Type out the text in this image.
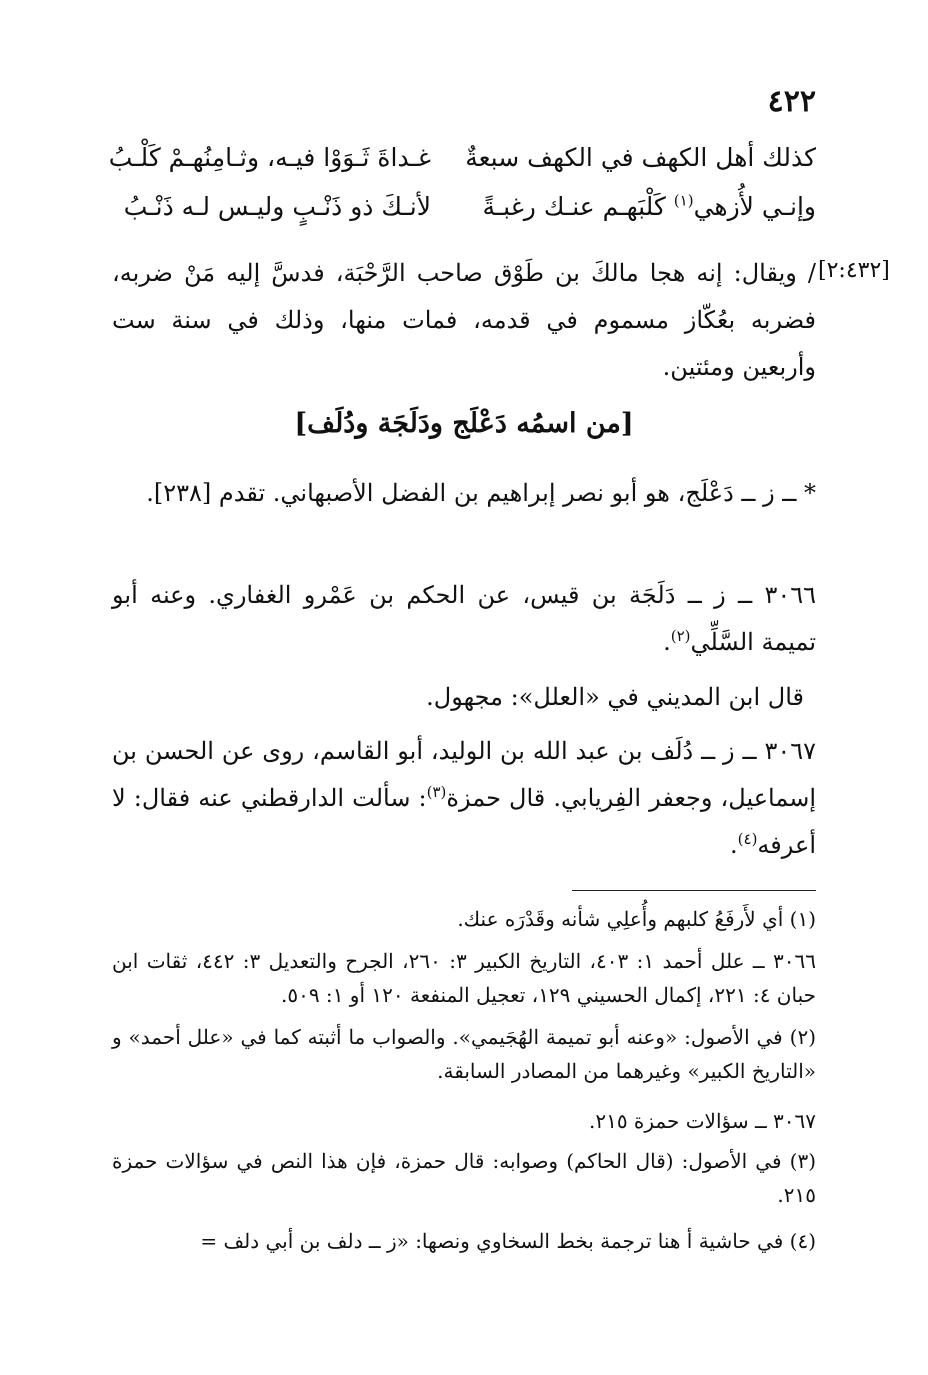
٤٢٢
كذلك أهل الكهف في الكهف سبعةٌ
غـداةَ ثَـوَوْا فيـه، وثـامِنُهـمْ كَلْـبُ
وإنـي لأُزهي$^{(١)}$ كَلْبَهـم عنـك رغبـةً
لأنـكَ ذو ذَنْـبٍ وليـس لـه ذَنْـبُ
[٢:٤٣٢]
/ ويقال: إنه هجا مالكَ بن طَوْق صاحب الرَّحْبَة، فدسَّ إليه مَنْ ضربه، فضربه بعُكّاز مسموم في قدمه، فمات منها، وذلك في سنة ست وأربعين ومئتين.
[من اسمُه دَعْلَج ودَلَجَة ودُلَف]
* ــ ز ــ دَعْلَج، هو أبو نصر إبراهيم بن الفضل الأصبهاني. تقدم [٢٣٨].
٣٠٦٦ ــ ز ــ دَلَجَة بن قيس، عن الحكم بن عَمْرو الغفاري. وعنه أبو تميمة السَّلِّي$^{(٢)}$.
قال ابن المديني في «العلل»: مجهول.
٣٠٦٧ ــ ز ــ دُلَف بن عبد الله بن الوليد، أبو القاسم، روى عن الحسن بن إسماعيل، وجعفر الفِريابي. قال حمزة$^{(٣)}$: سألت الدارقطني عنه فقال: لا أعرفه$^{(٤)}$.
(١) أي لأَرفَعُ كلبهم وأُعلِي شأنه وقَدْرَه عنك.
٣٠٦٦ ــ علل أحمد ١: ٤٠٣، التاريخ الكبير ٣: ٢٦٠، الجرح والتعديل ٣: ٤٤٢، ثقات ابن حبان ٤: ٢٢١، إكمال الحسيني ١٢٩، تعجيل المنفعة ١٢٠ أو ١: ٥٠٩.
(٢) في الأصول: «وعنه أبو تميمة الهُجَيمي». والصواب ما أثبته كما في «علل أحمد» و «التاريخ الكبير» وغيرهما من المصادر السابقة.
٣٠٦٧ ــ سؤالات حمزة ٢١٥.
(٣) في الأصول: (قال الحاكم) وصوابه: قال حمزة، فإن هذا النص في سؤالات حمزة ٢١٥.
(٤) في حاشية أ هنا ترجمة بخط السخاوي ونصها: «ز ــ دلف بن أبي دلف =
